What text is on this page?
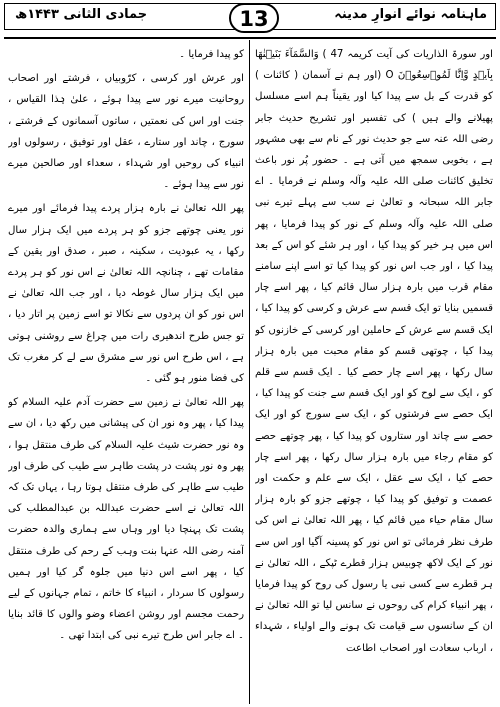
ماہنامہ نوائے انوارِ مدینہ
13
جمادی الثانی ۱۴۴۳ھ

اور سورۃ الذاریات کی آیت کریمہ 47 ) وَالسَّمَآءَ بَنَیۡنٰهَا بِاَیۡدٍ وَّاِنَّا لَمُوۡسِعُوۡنَ O (اور ہم نے آسمان ( کائنات ) کو قدرت کے بل سے پیدا کیا اور یقیناً ہم اسے مسلسل پھیلانے والے ہیں ) کی تفسیر اور تشریح حدیث جابر رضی اللہ عنہ سے جو حدیث نور کے نام سے بھی مشہور ہے ، بخوبی سمجھ میں آتی ہے ۔ حضور پُر نور باعث تخلیق کائنات صلی اللہ علیہ وآلہ وسلم نے فرمایا ۔ اے جابر اللہ سبحانہ و تعالیٰ نے سب سے پہلے تیرے نبی صلی اللہ علیہ وآلہ وسلم کے نور کو پیدا فرمایا ، پھر اس میں ہر خیر کو پیدا کیا ، اور ہر شئے کو اس کے بعد پیدا کیا ، اور جب اس نور کو پیدا کیا تو اسے اپنے سامنے مقام قرب میں بارہ ہزار سال قائم کیا ، پھر اسے چار قسمیں بنایا تو ایک قسم سے عرش و کرسی کو پیدا کیا ، ایک قسم سے عرش کے حاملین اور کرسی کے خازنوں کو پیدا کیا ، چوتھی قسم کو مقام محبت میں بارہ ہزار سال رکھا ، پھر اسے چار حصے کیا ۔ ایک قسم سے قلم کو ، ایک سے لوح کو اور ایک قسم سے جنت کو پیدا کیا ، ایک حصے سے فرشتوں کو ، ایک سے سورج کو اور ایک حصے سے چاند اور ستاروں کو پیدا کیا ، پھر چوتھے حصے کو مقام رجاء میں بارہ ہزار سال رکھا ، پھر اسے چار حصے کیا ، ایک سے عقل ، ایک سے علم و حکمت اور عصمت و توفیق کو پیدا کیا ، چوتھے جزو کو بارہ ہزار سال مقام حیاء میں قائم کیا ، پھر اللہ تعالیٰ نے اس کی طرف نظر فرمائی تو اس نور کو پسینہ آگیا اور اس سے نور کے ایک لاکھ چوبیس ہزار قطرے ٹپکے ، اللہ تعالیٰ نے ہر قطرے سے کسی نبی یا رسول کی روح کو پیدا فرمایا ، پھر انبیاء کرام کی روحوں نے سانس لیا تو اللہ تعالیٰ نے ان کے سانسوں سے قیامت تک ہونے والے اولیاء ، شہداء ، ارباب سعادت اور اصحاب اطاعت

کو پیدا فرمایا ۔

اور عرش اور کرسی ، کرّوبیاں ، فرشتے اور اصحاب روحانیت میرے نور سے پیدا ہوئے ، علیٰ ہٰذا القیاس ، جنت اور اس کی نعمتیں ، ساتوں آسمانوں کے فرشتے ، سورج ، چاند اور ستارے ، عقل اور توفیق ، رسولوں اور انبیاء کی روحیں اور شہداء ، سعداء اور صالحین میرے نور سے پیدا ہوئے ۔

پھر اللہ تعالیٰ نے بارہ ہزار پردے پیدا فرمائے اور میرے نور یعنی چوتھے جزو کو ہر پردے میں ایک ہزار سال رکھا ، یہ عبودیت ، سکینہ ، صبر ، صدق اور یقین کے مقامات تھے ، چنانچہ اللہ تعالیٰ نے اس نور کو ہر پردے میں ایک ہزار سال غوطہ دیا ، اور جب اللہ تعالیٰ نے اس نور کو ان پردوں سے نکالا تو اسے زمین پر اتار دیا ، تو جس طرح اندھیری رات میں چراغ سے روشنی ہوتی ہے ، اس طرح اس نور سے مشرق سے لے کر مغرب تک کی فضا منور ہو گئی ۔

پھر اللہ تعالیٰ نے زمین سے حضرت آدم علیہ السلام کو پیدا کیا ، پھر وہ نور ان کی پیشانی میں رکھ دیا ، ان سے وہ نور حضرت شیث علیہ السلام کی طرف منتقل ہوا ، پھر وہ نور پشت در پشت طاہر سے طیب کی طرف اور طیب سے طاہر کی طرف منتقل ہوتا رہا ، یہاں تک کہ اللہ تعالیٰ نے اسے حضرت عبداللہ بن عبدالمطلب کی پشت تک پہنچا دیا اور وہاں سے ہماری والدہ حضرت آمنہ رضی اللہ عنہا بنت وہب کے رحم کی طرف منتقل کیا ، پھر اسے اس دنیا میں جلوہ گر کیا اور ہمیں رسولوں کا سردار ، انبیاء کا خاتم ، تمام جہانوں کے لیے رحمت مجسم اور روشن اعضاء وضو والوں کا قائد بنایا ۔ اے جابر اس طرح تیرے نبی کی ابتدا تھی ۔
